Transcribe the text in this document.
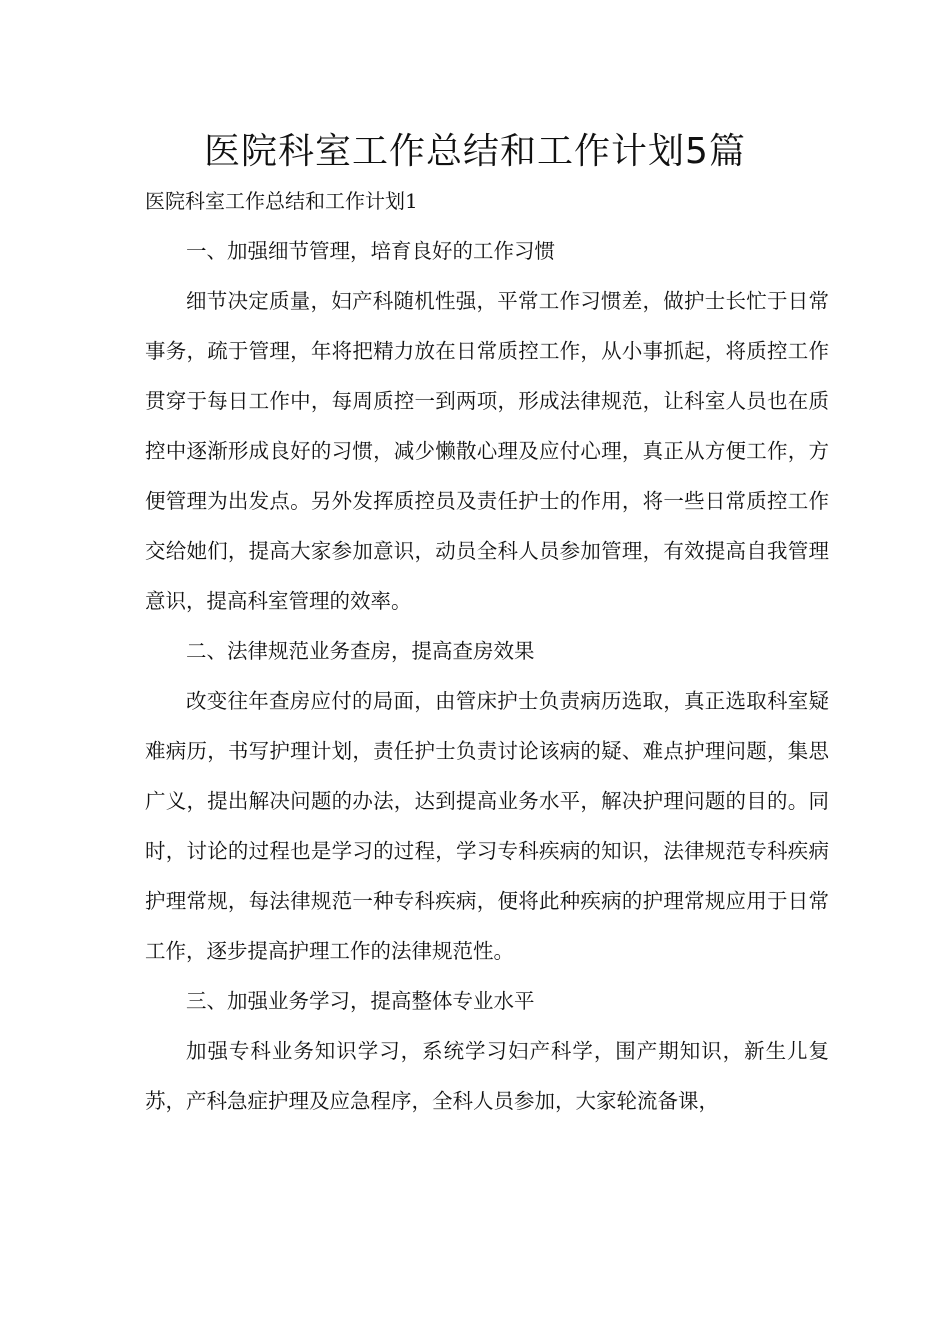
医院科室工作总结和工作计划5篇

医院科室工作总结和工作计划1

一、加强细节管理，培育良好的工作习惯

细节决定质量，妇产科随机性强，平常工作习惯差，做护士长忙于日常事务，疏于管理，年将把精力放在日常质控工作，从小事抓起，将质控工作贯穿于每日工作中，每周质控一到两项，形成法律规范，让科室人员也在质控中逐渐形成良好的习惯，减少懒散心理及应付心理，真正从方便工作，方便管理为出发点。另外发挥质控员及责任护士的作用，将一些日常质控工作交给她们，提高大家参加意识，动员全科人员参加管理，有效提高自我管理意识，提高科室管理的效率。

二、法律规范业务查房，提高查房效果

改变往年查房应付的局面，由管床护士负责病历选取，真正选取科室疑难病历，书写护理计划，责任护士负责讨论该病的疑、难点护理问题，集思广义，提出解决问题的办法，达到提高业务水平，解决护理问题的目的。同时，讨论的过程也是学习的过程，学习专科疾病的知识，法律规范专科疾病护理常规，每法律规范一种专科疾病，便将此种疾病的护理常规应用于日常工作，逐步提高护理工作的法律规范性。

三、加强业务学习，提高整体专业水平

加强专科业务知识学习，系统学习妇产科学，围产期知识，新生儿复苏，产科急症护理及应急程序，全科人员参加，大家轮流备课，
